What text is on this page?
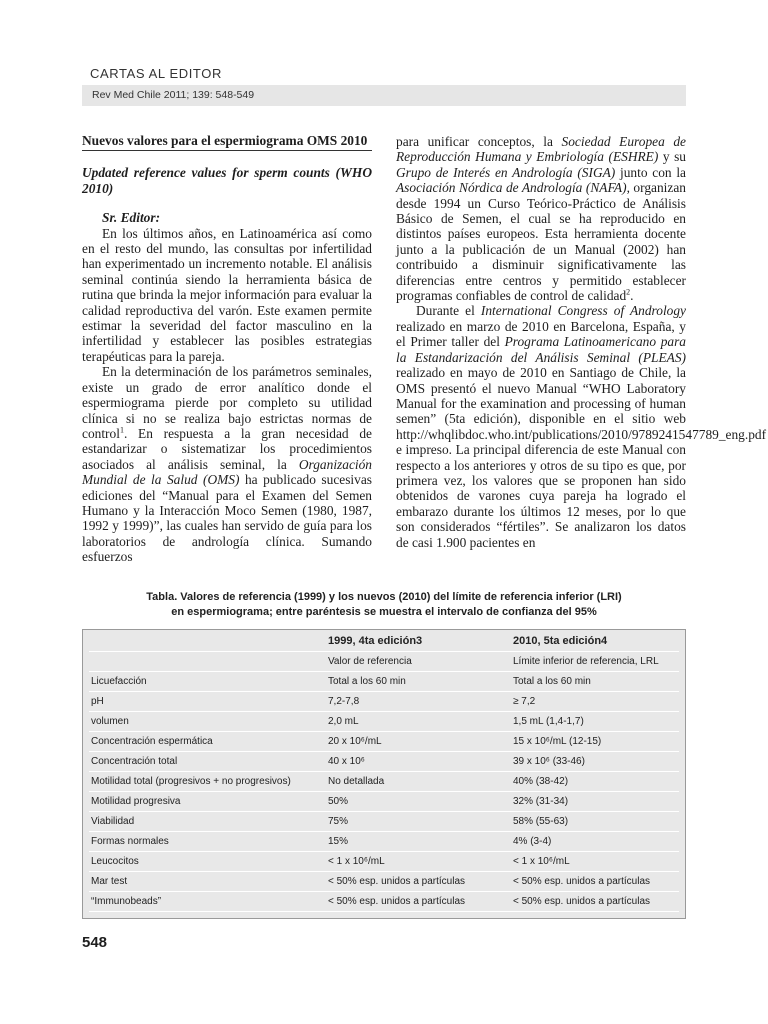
CARTAS AL EDITOR
Rev Med Chile 2011; 139: 548-549

Nuevos valores para el espermiograma OMS 2010

Updated reference values for sperm counts (WHO 2010)

Sr. Editor:

En los últimos años, en Latinoamérica así como en el resto del mundo, las consultas por infertilidad han experimentado un incremento notable. El análisis seminal continúa siendo la herramienta básica de rutina que brinda la mejor información para evaluar la calidad reproductiva del varón. Este examen permite estimar la severidad del factor masculino en la infertilidad y establecer las posibles estrategias terapéuticas para la pareja.

En la determinación de los parámetros seminales, existe un grado de error analítico donde el espermiograma pierde por completo su utilidad clínica si no se realiza bajo estrictas normas de control$^1$. En respuesta a la gran necesidad de estandarizar o sistematizar los procedimientos asociados al análisis seminal, la Organización Mundial de la Salud (OMS) ha publicado sucesivas ediciones del “Manual para el Examen del Semen Humano y la Interacción Moco Semen (1980, 1987, 1992 y 1999)”, las cuales han servido de guía para los laboratorios de andrología clínica. Sumando esfuerzos

para unificar conceptos, la Sociedad Europea de Reproducción Humana y Embriología (ESHRE) y su Grupo de Interés en Andrología (SIGA) junto con la Asociación Nórdica de Andrología (NAFA), organizan desde 1994 un Curso Teórico-Práctico de Análisis Básico de Semen, el cual se ha reproducido en distintos países europeos. Esta herramienta docente junto a la publicación de un Manual (2002) han contribuido a disminuir significativamente las diferencias entre centros y permitido establecer programas confiables de control de calidad$^2$.

Durante el International Congress of Andrology realizado en marzo de 2010 en Barcelona, España, y el Primer taller del Programa Latinoamericano para la Estandarización del Análisis Seminal (PLEAS) realizado en mayo de 2010 en Santiago de Chile, la OMS presentó el nuevo Manual “WHO Laboratory Manual for the examination and processing of human semen” (5ta edición), disponible en el sitio web http://whqlibdoc.who.int/publications/2010/9789241547789_eng.pdf e impreso. La principal diferencia de este Manual con respecto a los anteriores y otros de su tipo es que, por primera vez, los valores que se proponen han sido obtenidos de varones cuya pareja ha logrado el embarazo durante los últimos 12 meses, por lo que son considerados “fértiles”. Se analizaron los datos de casi 1.900 pacientes en

Tabla. Valores de referencia (1999) y los nuevos (2010) del límite de referencia inferior (LRI)
en espermiograma; entre paréntesis se muestra el intervalo de confianza del 95%
	1999, 4ta edición3	2010, 5ta edición4
	Valor de referencia	Límite inferior de referencia, LRL
Licuefacción	Total a los 60 min	Total a los 60 min
pH	7,2-7,8	≥ 7,2
volumen	2,0 mL	1,5 mL (1,4-1,7)
Concentración espermática	20 x 10⁶/mL	15 x 10⁶/mL (12-15)
Concentración total	40 x 10⁶	39 x 10⁶ (33-46)
Motilidad total (progresivos + no progresivos)	No detallada	40% (38-42)
Motilidad progresiva	50%	32% (31-34)
Viabilidad	75%	58% (55-63)
Formas normales	15%	4% (3-4)
Leucocitos	< 1 x 10⁶/mL	< 1 x 10⁶/mL
Mar test	< 50% esp. unidos a partículas	< 50% esp. unidos a partículas
“Immunobeads”	< 50% esp. unidos a partículas	< 50% esp. unidos a partículas
548
